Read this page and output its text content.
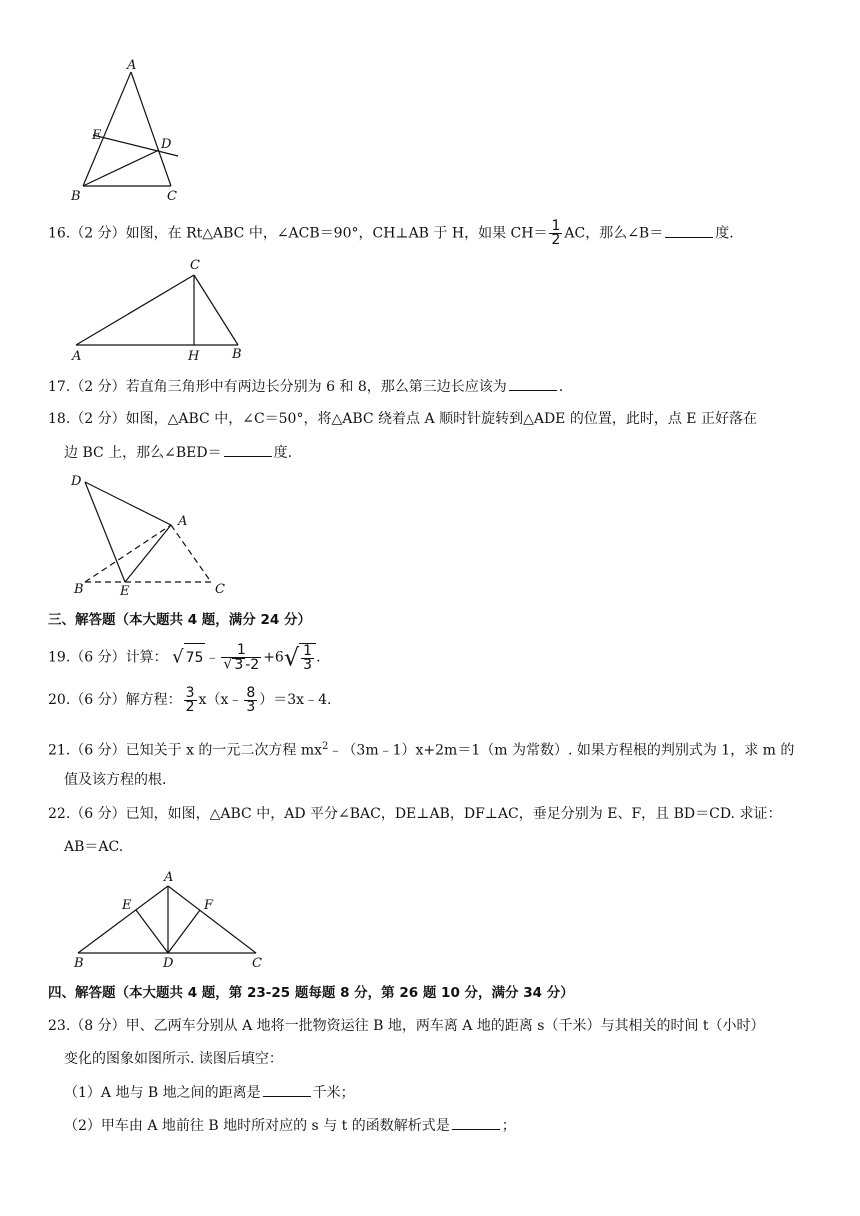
A
B	C
D
E
16.（2 分）如图，在 Rt△ABC 中，∠ACB＝90°，CH⊥AB 于 H，如果 $CH= \frac{1}{2}$ AC，那么∠B＝	度.
C
A	H	B
17.（2 分）若直角三角形中有两边长分别为 6 和 8，那么第三边长应该为	.
18.（2 分）如图，△ABC 中，∠C＝50°，将△ABC 绕着点 A 顺时针旋转到△ADE 的位置，此时，点 E 正好落在
边 BC 上，那么∠BED＝	度.
D
A
B	E	C
三、解答题（本大题共 4 题，满分 24 分）
19.（6 分）计算： √ 75 ﹣ $\frac{1}{√ 3 -2} +6√ \frac{1}{3}$ .
20.（6 分）解方程： $\frac{3}{2}$ x（x﹣ $\frac{8}{3}$ ）＝3x﹣4.
21.（6 分）已知关于 x 的一元二次方程 $mx^2﹣(3m﹣1)x+2m=1(m$ 为常数）. 如果方程根的判别式为 1，求 m 的
值及该方程的根.
22.（6 分）已知，如图，△ABC 中，AD 平分∠BAC，DE⊥AB，DF⊥AC，垂足分别为 E、F，且 BD＝CD. 求证：
AB＝AC.
A
E	F
B	D	C
四、解答题（本大题共 4 题，第 23-25 题每题 8 分，第 26 题 10 分，满分 34 分）
23.（8 分）甲、乙两车分别从 A 地将一批物资运往 B 地，两车离 A 地的距离 s（千米）与其相关的时间 t（小时）
变化的图象如图所示. 读图后填空：
（1）A 地与 B 地之间的距离是	千米；
（2）甲车由 A 地前往 B 地时所对应的 s 与 t 的函数解析式是	；
